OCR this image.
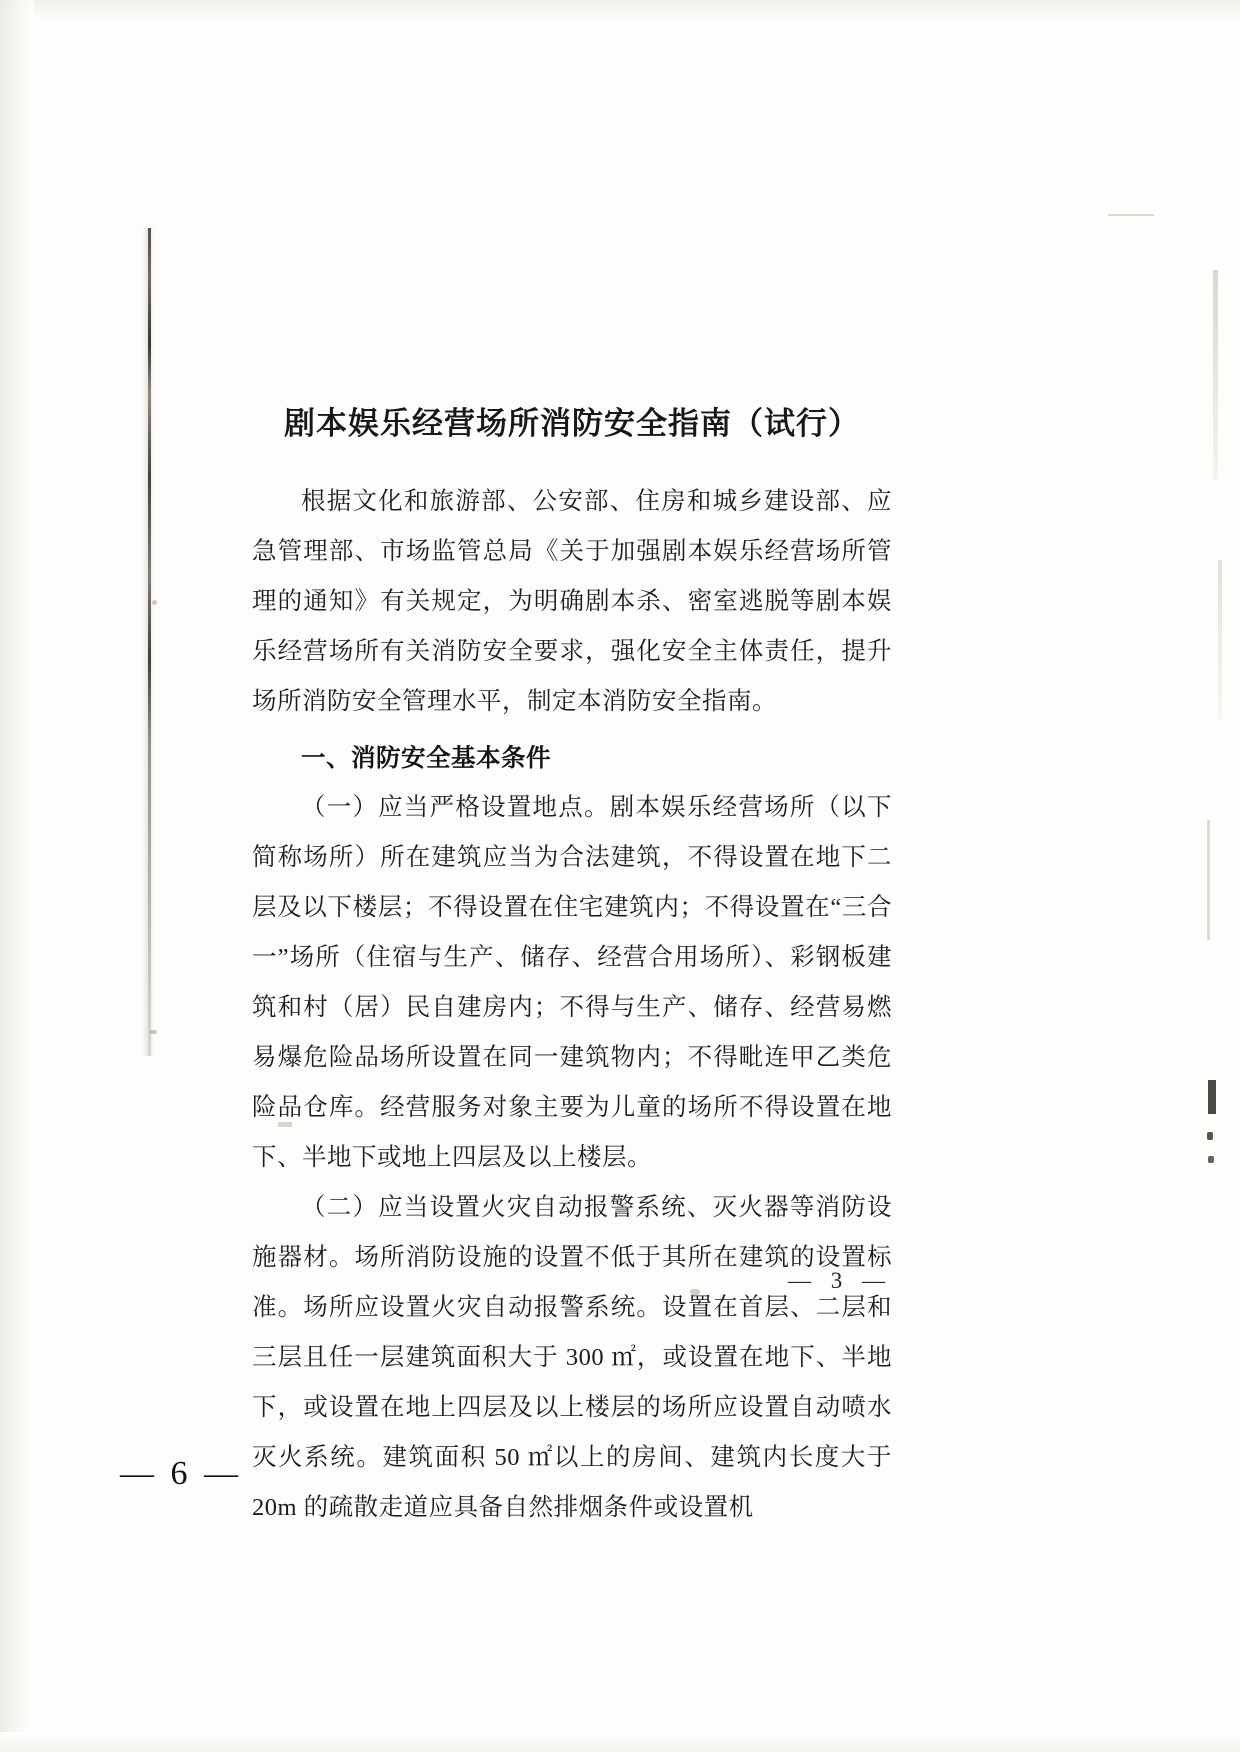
剧本娱乐经营场所消防安全指南（试行）

根据文化和旅游部、公安部、住房和城乡建设部、应急管理部、市场监管总局《关于加强剧本娱乐经营场所管理的通知》有关规定，为明确剧本杀、密室逃脱等剧本娱乐经营场所有关消防安全要求，强化安全主体责任，提升场所消防安全管理水平，制定本消防安全指南。

一、消防安全基本条件

（一）应当严格设置地点。剧本娱乐经营场所（以下简称场所）所在建筑应当为合法建筑，不得设置在地下二层及以下楼层；不得设置在住宅建筑内；不得设置在“三合一”场所（住宿与生产、储存、经营合用场所）、彩钢板建筑和村（居）民自建房内；不得与生产、储存、经营易燃易爆危险品场所设置在同一建筑物内；不得毗连甲乙类危险品仓库。经营服务对象主要为儿童的场所不得设置在地下、半地下或地上四层及以上楼层。

（二）应当设置火灾自动报警系统、灭火器等消防设施器材。场所消防设施的设置不低于其所在建筑的设置标准。场所应设置火灾自动报警系统。设置在首层、二层和三层且任一层建筑面积大于 300 ㎡，或设置在地下、半地下，或设置在地上四层及以上楼层的场所应设置自动喷水灭火系统。建筑面积 50 ㎡以上的房间、建筑内长度大于 20m 的疏散走道应具备自然排烟条件或设置机

— 3 —
— 6 —
